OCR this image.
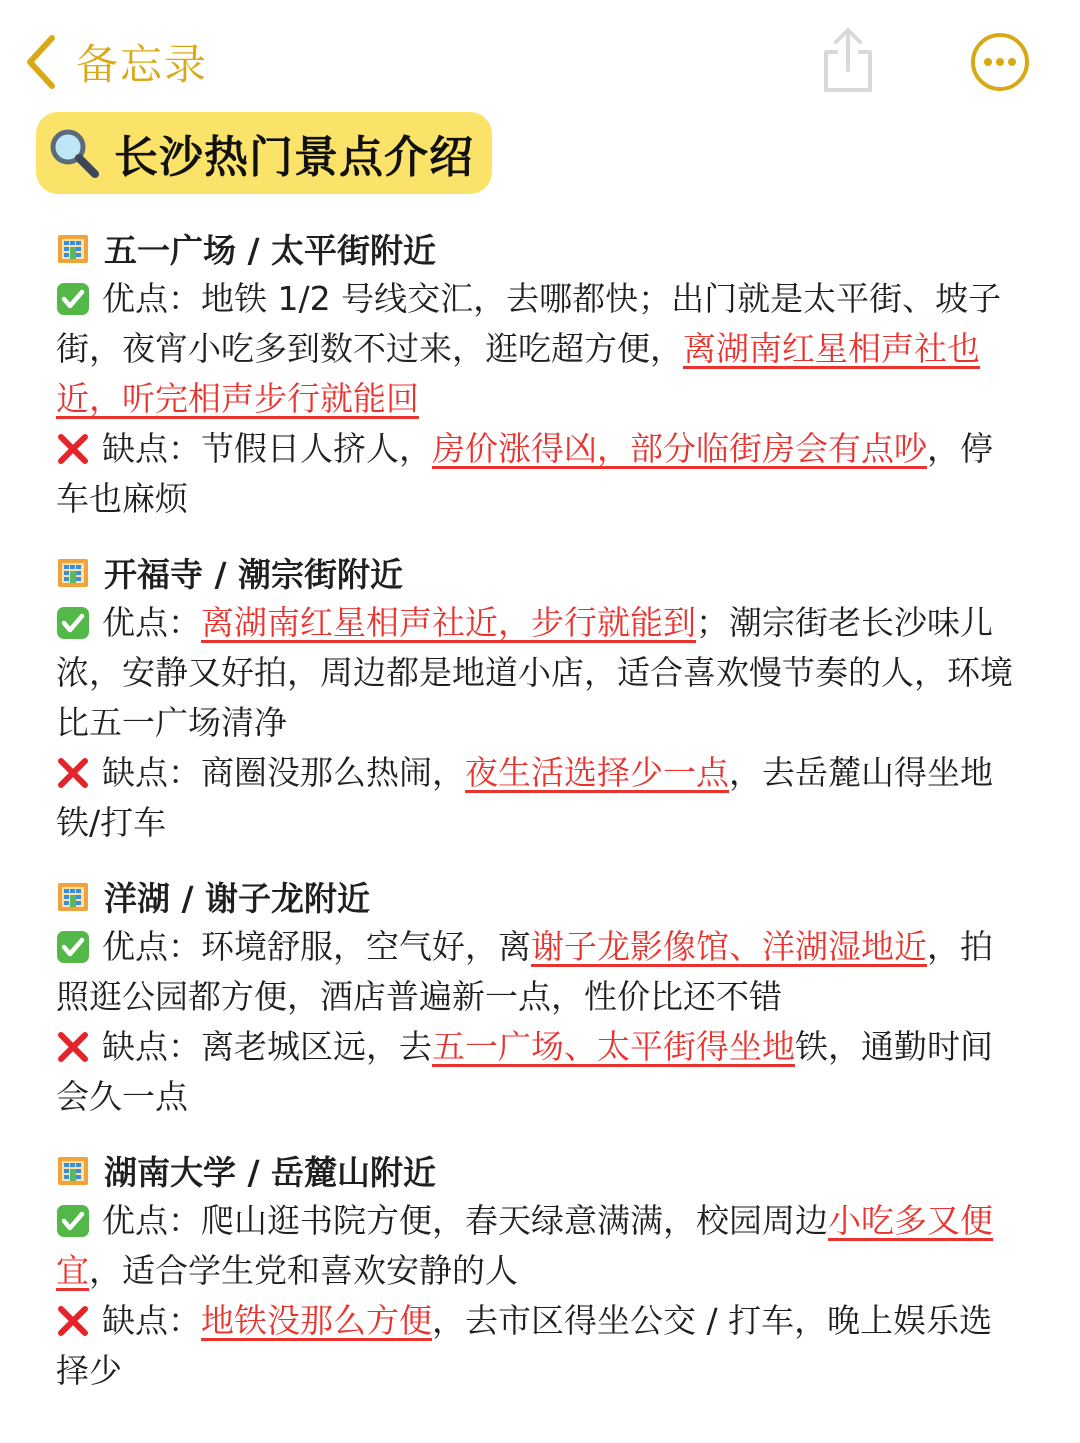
备忘录
长沙热门景点介绍
五一广场 / 太平街附近
优点：地铁 1/2 号线交汇，去哪都快；出门就是太平街、坡子街，夜宵小吃多到数不过来，逛吃超方便，离湖南红星相声社也近，听完相声步行就能回
缺点：节假日人挤人，房价涨得凶，部分临街房会有点吵，停车也麻烦
开福寺 / 潮宗街附近
优点：离湖南红星相声社近，步行就能到；潮宗街老长沙味儿浓，安静又好拍，周边都是地道小店，适合喜欢慢节奏的人，环境比五一广场清净
缺点：商圈没那么热闹，夜生活选择少一点，去岳麓山得坐地铁/打车
洋湖 / 谢子龙附近
优点：环境舒服，空气好，离谢子龙影像馆、洋湖湿地近，拍照逛公园都方便，酒店普遍新一点，性价比还不错
缺点：离老城区远，去五一广场、太平街得坐地铁，通勤时间会久一点
湖南大学 / 岳麓山附近
优点：爬山逛书院方便，春天绿意满满，校园周边小吃多又便宜，适合学生党和喜欢安静的人
缺点：地铁没那么方便，去市区得坐公交 / 打车，晚上娱乐选择少
